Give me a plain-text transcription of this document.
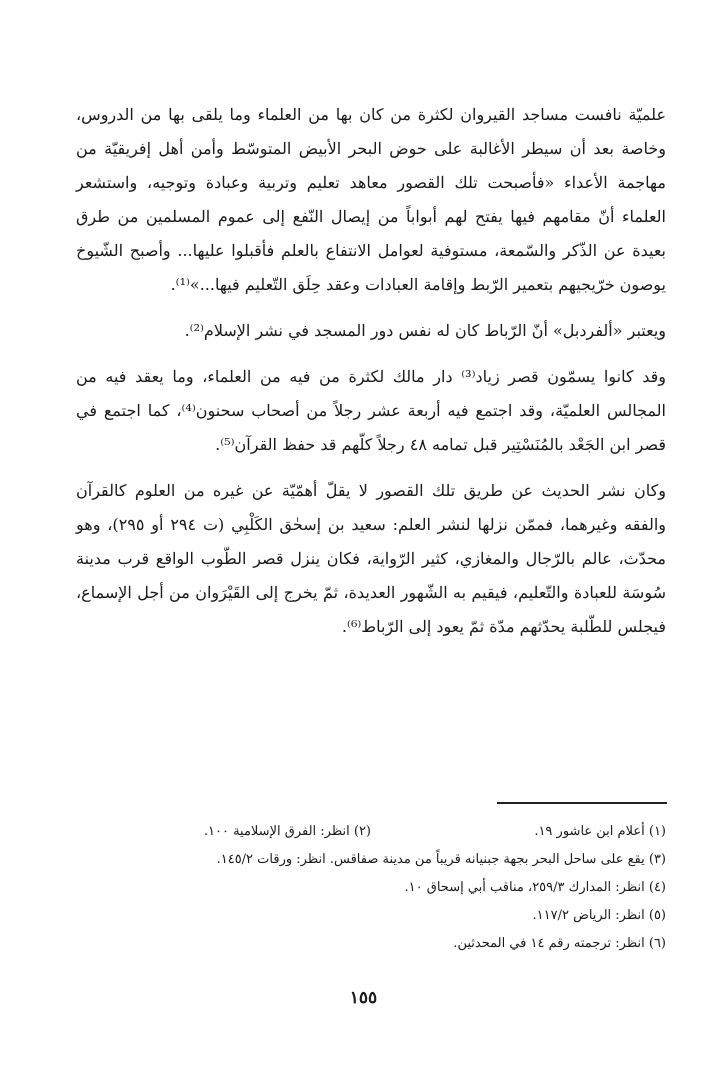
علميّة نافست مساجد القيروان لكثرة من كان بها من العلماء وما يلقى بها من الدروس، وخاصة بعد أن سيطر الأغالبة على حوض البحر الأبيض المتوسّط وأمن أهل إفريقيّة من مهاجمة الأعداء «فأصبحت تلك القصور معاهد تعليم وتربية وعبادة وتوجيه، واستشعر العلماء أنّ مقامهم فيها يفتح لهم أبواباً من إيصال النّفع إلى عموم المسلمين من طرق بعيدة عن الذّكر والسّمعة، مستوفية لعوامل الانتفاع بالعلم فأقبلوا عليها... وأصبح الشّيوخ يوصون خرّيجيهم بتعمير الرّبط وإقامة العبادات وعقد حِلَق التّعليم فيها...»⁽¹⁾.

ويعتبر «ألفردبل» أنّ الرّباط كان له نفس دور المسجد في نشر الإسلام⁽²⁾.

وقد كانوا يسمّون قصر زياد⁽³⁾ دار مالك لكثرة من فيه من العلماء، وما يعقد فيه من المجالس العلميّة، وقد اجتمع فيه أربعة عشر رجلاً من أصحاب سحنون⁽⁴⁾، كما اجتمع في قصر ابن الجَعْد بالمُنَسْتِير قبل تمامه ٤٨ رجلاً كلّهم قد حفظ القرآن⁽⁵⁾.

وكان نشر الحديث عن طريق تلك القصور لا يقلّ أهمّيّة عن غيره من العلوم كالقرآن والفقه وغيرهما، فممّن نزلها لنشر العلم: سعيد بن إسحٰق الكَلْبِي (ت ٢٩٤ أو ٢٩٥)، وهو محدّث، عالم بالرّجال والمغازي، كثير الرّواية، فكان ينزل قصر الطّوب الواقع قرب مدينة سُوسَة للعبادة والتّعليم، فيقيم به الشّهور العديدة، ثمّ يخرج إلى القَيْرَوان من أجل الإسماع، فيجلس للطّلبة يحدّثهم مدّة ثمّ يعود إلى الرّباط⁽⁶⁾.

(١) أعلام ابن عاشور ١٩.
(٢) انظر: الفرق الإسلامية ١٠٠.
(٣) يقع على ساحل البحر بجهة جبنيانه قريباً من مدينة صفاقس. انظر: ورقات ١٤٥/٢.
(٤) انظر: المدارك ٢٥٩/٣، مناقب أبي إسحاق ١٠.
(٥) انظر: الرياض ١١٧/٢.
(٦) انظر: ترجمته رقم ١٤ في المحدثين.
١٥٥
